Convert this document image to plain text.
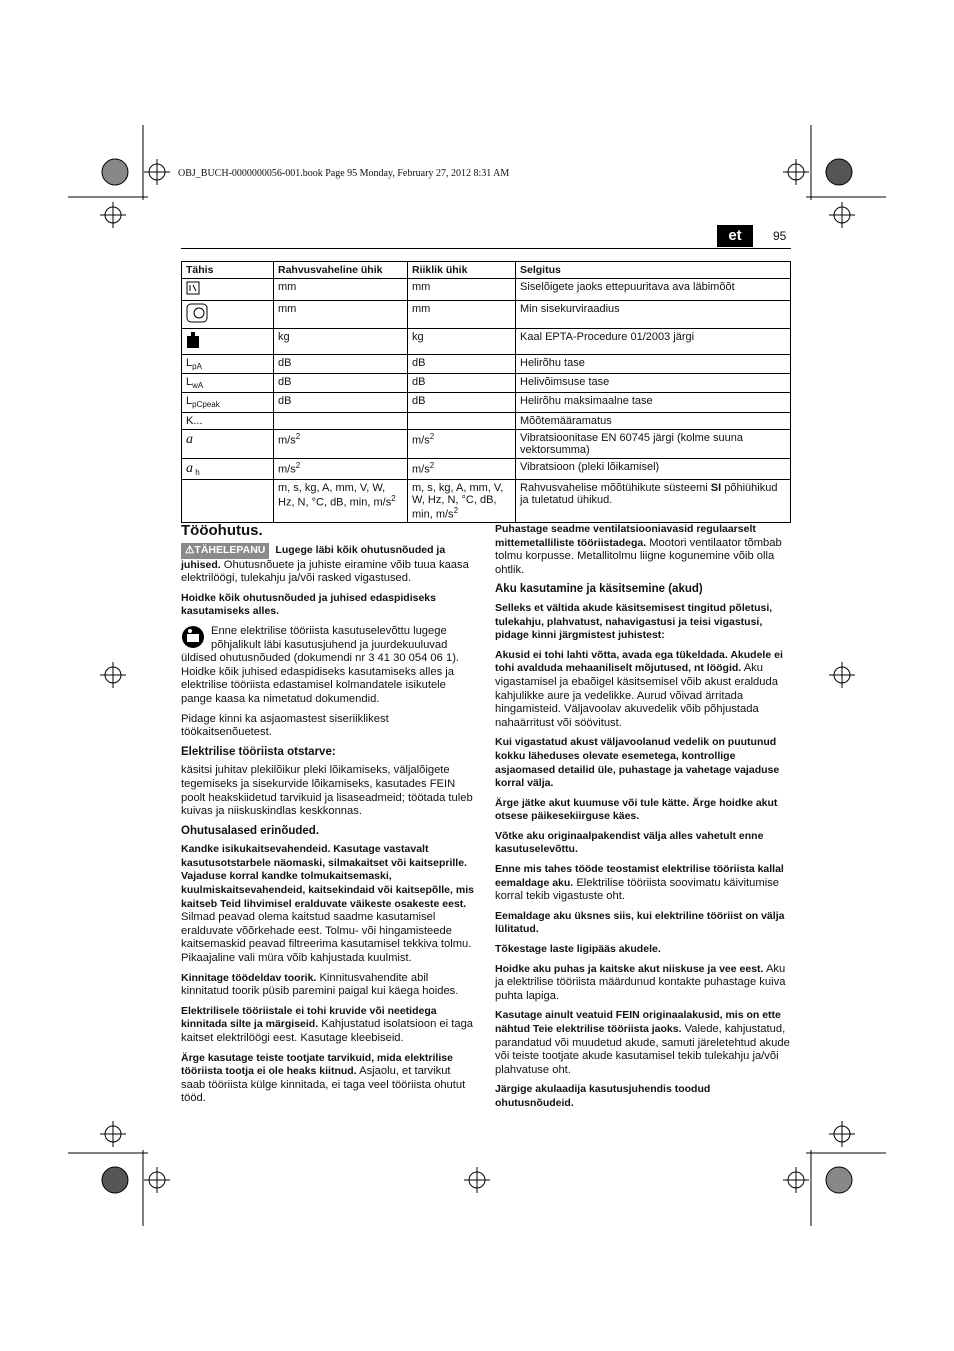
OBJ_BUCH-0000000056-001.book Page 95 Monday, February 27, 2012 8:31 AM
et	95
Tähis	Rahvusvaheline ühik	Riiklik ühik	Selgitus
	mm	mm	Siselõigete jaoks ettepuuritava ava läbimõõt
	mm	mm	Min sisekurviraadius
	kg	kg	Kaal EPTA-Procedure 01/2003 järgi
$L_{pA}$	dB	dB	Helirõhu tase
$L_{wA}$	dB	dB	Helivõimsuse tase
$L_{pCpeak}$	dB	dB	Helirõhu maksimaalne tase
K...			Mõõtemääramatus
a	$m/s^2$	$m/s^2$	Vibratsioonitase EN 60745 järgi (kolme suuna vektorsumma)
a $_h$	$m/s^2$	$m/s^2$	Vibratsioon (pleki lõikamisel)
	m, s, kg, A, mm, V, W, Hz, N, °C, dB, min, $m/s^2$	m, s, kg, A, mm, V, W, Hz, N, °C, dB, min, $m/s^2$	Rahvusvahelise mõõtühikute süsteemi SI põhiühikud ja tuletatud ühikud.
Tööohutus.

⚠TÄHELEPANU Lugege läbi kõik ohutusnõuded ja juhised. Ohutusnõuete ja juhiste eiramine võib tuua kaasa elektrilöögi, tulekahju ja/või rasked vigastused.

Hoidke kõik ohutusnõuded ja juhised edaspidiseks kasutamiseks alles.

Enne elektrilise tööriista kasutuselevõttu lugege põhjalikult läbi kasutusjuhend ja juurdekuuluvad üldised ohutusnõuded (dokumendi nr 3 41 30 054 06 1). Hoidke kõik juhised edaspidiseks kasutamiseks alles ja elektrilise tööriista edastamisel kolmandatele isikutele pange kaasa ka nimetatud dokumendid.

Pidage kinni ka asjaomastest siseriiklikest töökaitsenõuetest.

Elektrilise tööriista otstarve:

käsitsi juhitav plekilõikur pleki lõikamiseks, väljalõigete tegemiseks ja sisekurvide lõikamiseks, kasutades FEIN poolt heakskiidetud tarvikuid ja lisaseadmeid; töötada tuleb kuivas ja niiskuskindlas keskkonnas.

Ohutusalased erinõuded.

Kandke isikukaitsevahendeid. Kasutage vastavalt kasutusotstarbele näomaski, silmakaitset või kaitseprille. Vajaduse korral kandke tolmukaitsemaski, kuulmiskaitsevahendeid, kaitsekindaid või kaitsepõlle, mis kaitseb Teid lihvimisel eralduvate väikeste osakeste eest. Silmad peavad olema kaitstud saadme kasutamisel eralduvate võõrkehade eest. Tolmu- või hingamisteede kaitsemaskid peavad filtreerima kasutamisel tekkiva tolmu. Pikaajaline vali müra võib kahjustada kuulmist.

Kinnitage töödeldav toorik. Kinnitusvahendite abil kinnitatud toorik püsib paremini paigal kui käega hoides.

Elektrilisele tööriistale ei tohi kruvide või neetidega kinnitada silte ja märgiseid. Kahjustatud isolatsioon ei taga kaitset elektrilöögi eest. Kasutage kleebiseid.

Ärge kasutage teiste tootjate tarvikuid, mida elektrilise tööriista tootja ei ole heaks kiitnud. Asjaolu, et tarvikut saab tööriista külge kinnitada, ei taga veel tööriista ohutut tööd.

Puhastage seadme ventilatsiooniavasid regulaarselt mittemetalliliste tööriistadega. Mootori ventilaator tõmbab tolmu korpusse. Metallitolmu liigne kogunemine võib olla ohtlik.

Aku kasutamine ja käsitsemine (akud)

Selleks et vältida akude käsitsemisest tingitud põletusi, tulekahju, plahvatust, nahavigastusi ja teisi vigastusi, pidage kinni järgmistest juhistest:

Akusid ei tohi lahti võtta, avada ega tükeldada. Akudele ei tohi avalduda mehaaniliselt mõjutused, nt löögid. Aku vigastamisel ja ebaõigel käsitsemisel võib akust eralduda kahjulikke aure ja vedelikke. Aurud võivad ärritada hingamisteid. Väljavoolav akuvedelik võib põhjustada nahaärritust või söövitust.

Kui vigastatud akust väljavoolanud vedelik on puutunud kokku läheduses olevate esemetega, kontrollige asjaomased detailid üle, puhastage ja vahetage vajaduse korral välja.

Ärge jätke akut kuumuse või tule kätte. Ärge hoidke akut otsese päikesekiirguse käes.

Võtke aku originaalpakendist välja alles vahetult enne kasutuselevõttu.

Enne mis tahes tööde teostamist elektrilise tööriista kallal eemaldage aku. Elektrilise tööriista soovimatu käivitumise korral tekib vigastuste oht.

Eemaldage aku üksnes siis, kui elektriline tööriist on välja lülitatud.

Tõkestage laste ligipääs akudele.

Hoidke aku puhas ja kaitske akut niiskuse ja vee eest. Aku ja elektrilise tööriista määrdunud kontakte puhastage kuiva puhta lapiga.

Kasutage ainult veatuid FEIN originaalakusid, mis on ette nähtud Teie elektrilise tööriista jaoks. Valede, kahjustatud, parandatud või muudetud akude, samuti järeletehtud akude või teiste tootjate akude kasutamisel tekib tulekahju ja/või plahvatuse oht.

Järgige akulaadija kasutusjuhendis toodud ohutusnõudeid.
